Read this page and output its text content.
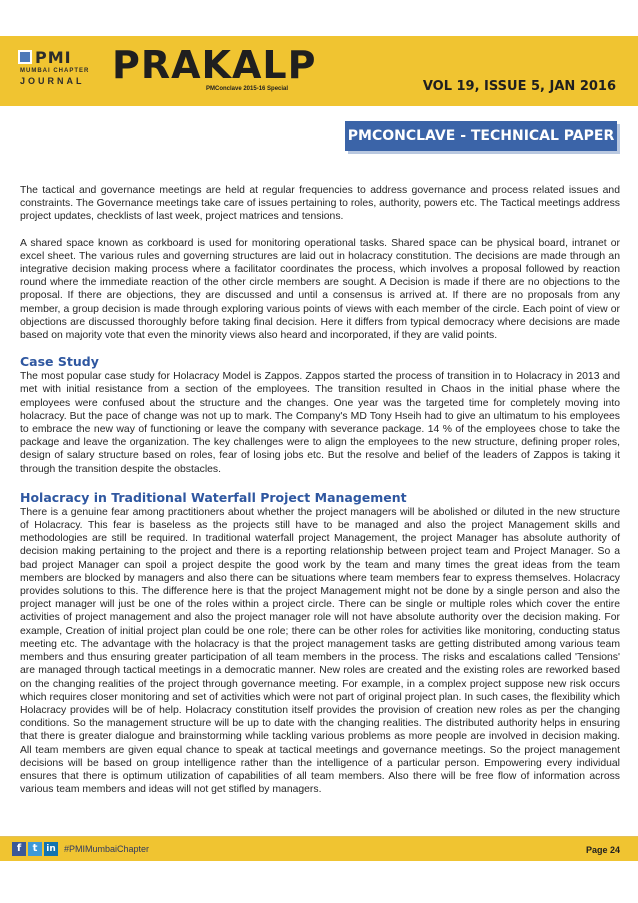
PMI
MUMBAI CHAPTER
JOURNAL PRAKALP
PMConclave 2015-16 Special	VOL 19, ISSUE 5, JAN 2016
PMCONCLAVE - TECHNICAL PAPER ENTRY

The tactical and governance meetings are held at regular frequencies to address governance and process related issues and constraints. The Governance meetings take care of issues pertaining to roles, authority, powers etc. The Tactical meetings address project updates, checklists of last week, project matrices and tensions.

A shared space known as corkboard is used for monitoring operational tasks. Shared space can be physical board, intranet or excel sheet. The various rules and governing structures are laid out in holacracy constitution. The decisions are made through an integrative decision making process where a facilitator coordinates the process, which involves a proposal followed by reaction round where the immediate reaction of the other circle members are sought. A Decision is made if there are no objections to the proposal. If there are objections, they are discussed and until a consensus is arrived at. If there are no proposals from any member, a group decision is made through exploring various points of views with each member of the circle. Each point of view or objections are discussed thoroughly before taking final decision. Here it differs from typical democracy where decisions are made based on majority vote that even the minority views also heard and incorporated, if they are valid points.

Case Study

The most popular case study for Holacracy Model is Zappos. Zappos started the process of transition in to Holacracy in 2013 and met with initial resistance from a section of the employees. The transition resulted in Chaos in the initial phase where the employees were confused about the structure and the changes. One year was the targeted time for completely moving into holacracy. But the pace of change was not up to mark. The Company's MD Tony Hseih had to give an ultimatum to his employees to embrace the new way of functioning or leave the company with severance package. 14 % of the employees chose to take the package and leave the organization. The key challenges were to align the employees to the new structure, defining proper roles, design of salary structure based on roles, fear of losing jobs etc. But the resolve and belief of the leaders of Zappos is taking it through the transition despite the obstacles.

Holacracy in Traditional Waterfall Project Management

There is a genuine fear among practitioners about whether the project managers will be abolished or diluted in the new structure of Holacracy. This fear is baseless as the projects still have to be managed and also the project Management skills and methodologies are still be required. In traditional waterfall project Management, the project Manager has absolute authority of decision making pertaining to the project and there is a reporting relationship between project team and Project Manager. So a bad project Manager can spoil a project despite the good work by the team and many times the great ideas from the team members are blocked by managers and also there can be situations where team members fear to express themselves. Holacracy provides solutions to this. The difference here is that the project Management might not be done by a single person and also the project manager will just be one of the roles within a project circle. There can be single or multiple roles which cover the entire activities of project management and also the project manager role will not have absolute authority over the decision making. For example, Creation of initial project plan could be one role; there can be other roles for activities like monitoring, conducting status meeting etc. The advantage with the holacracy is that the project management tasks are getting distributed among various team members and thus ensuring greater participation of all team members in the process. The risks and escalations called 'Tensions' are managed through tactical meetings in a democratic manner. New roles are created and the existing roles are reworked based on the changing realities of the project through governance meeting. For example, in a complex project suppose new risk occurs which requires closer monitoring and set of activities which were not part of original project plan. In such cases, the flexibility which Holacracy provides will be of help. Holacracy constitution itself provides the provision of creation new roles as per the changing conditions. So the management structure will be up to date with the changing realities. The distributed authority helps in ensuring that there is greater dialogue and brainstorming while tackling various problems as more people are involved in decision making. All team members are given equal chance to speak at tactical meetings and governance meetings. So the project management decisions will be based on group intelligence rather than the intelligence of a particular person. Empowering every individual ensures that there is optimum utilization of capabilities of all team members. Also there will be free flow of information across various team members and ideas will not get stifled by managers.

f	t in #PMIMumbaiChapter	Page 24
